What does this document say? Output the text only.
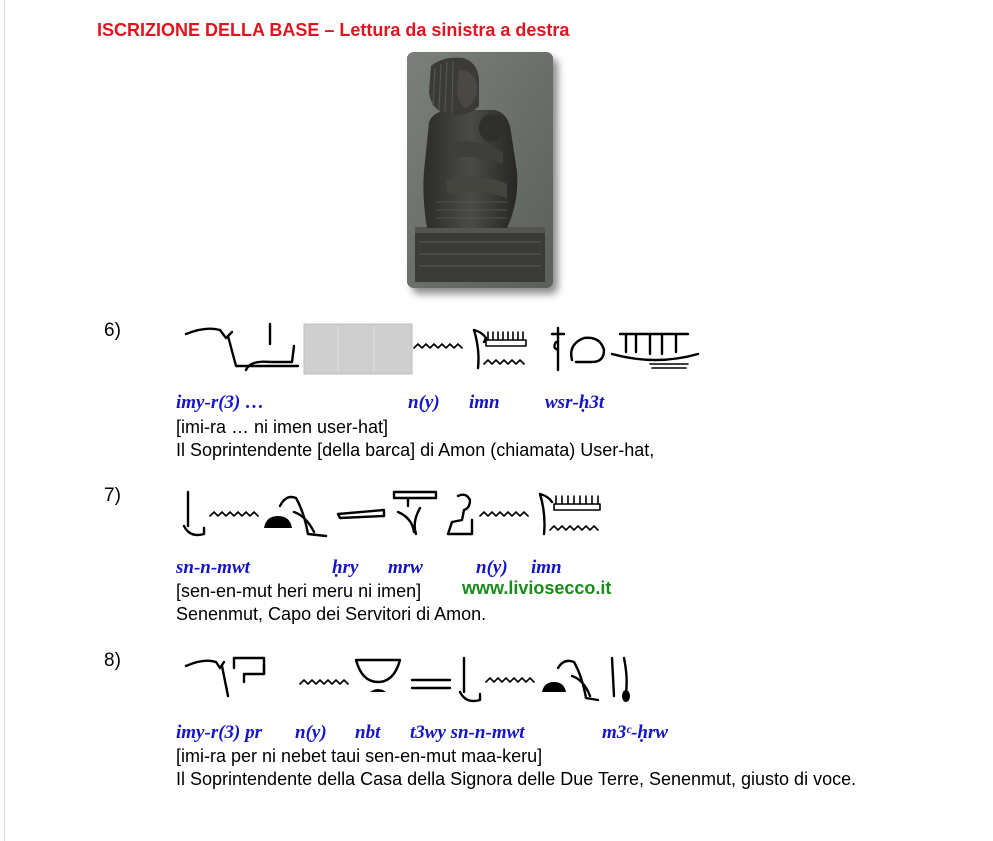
ISCRIZIONE DELLA BASE – Lettura da sinistra a destra
6)
imy-r(3) …	n(y) imn wsr-ḥ3t
[imi-ra … ni imen user-hat]
Il Soprintendente [della barca] di Amon (chiamata) User-hat,
7)
sn-n-mwt	ḥry mrw	n(y) imn
[sen-en-mut heri meru ni imen] www.liviosecco.it
Senenmut, Capo dei Servitori di Amon.
8)
imy-r(3) pr n(y) nbt t3wy sn-n-mwt	m3ᶜ-ḥrw
[imi-ra per ni nebet taui sen-en-mut maa-keru]
Il Soprintendente della Casa della Signora delle Due Terre, Senenmut, giusto di voce.
